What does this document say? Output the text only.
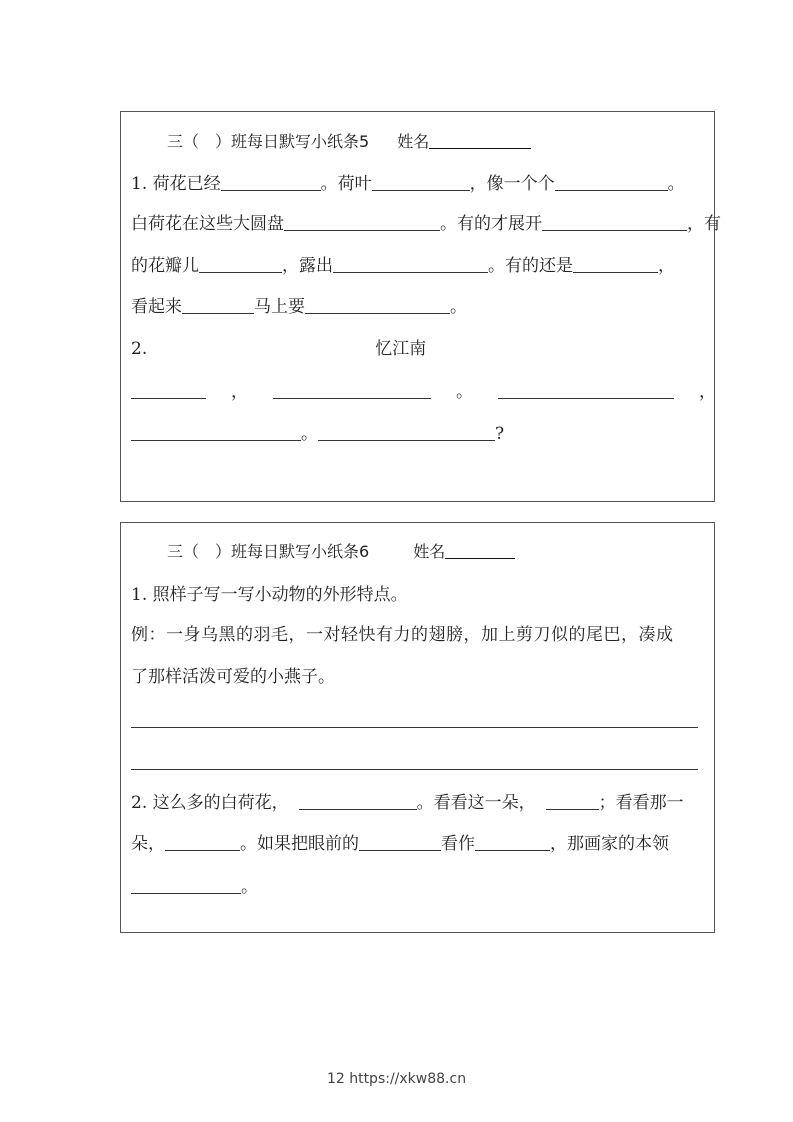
三（　）班每日默写小纸条5 姓名
1. 荷花已经	。荷叶	，像一个个	。
白荷花在这些大圆盘	。有的才展开	，有
的花瓣儿	，露出	。有的还是	，
看起来	马上要	。
2.	忆江南
，	。	，
。	?
三（　）班每日默写小纸条6	姓名
1. 照样子写一写小动物的外形特点。
例：一身乌黑的羽毛，一对轻快有力的翅膀，加上剪刀似的尾巴，凑成
了那样活泼可爱的小燕子。
2. 这么多的白荷花，	。看看这一朵，	；看看那一
朵，	。如果把眼前的	看作	，那画家的本领
。
12 https://xkw88.cn
